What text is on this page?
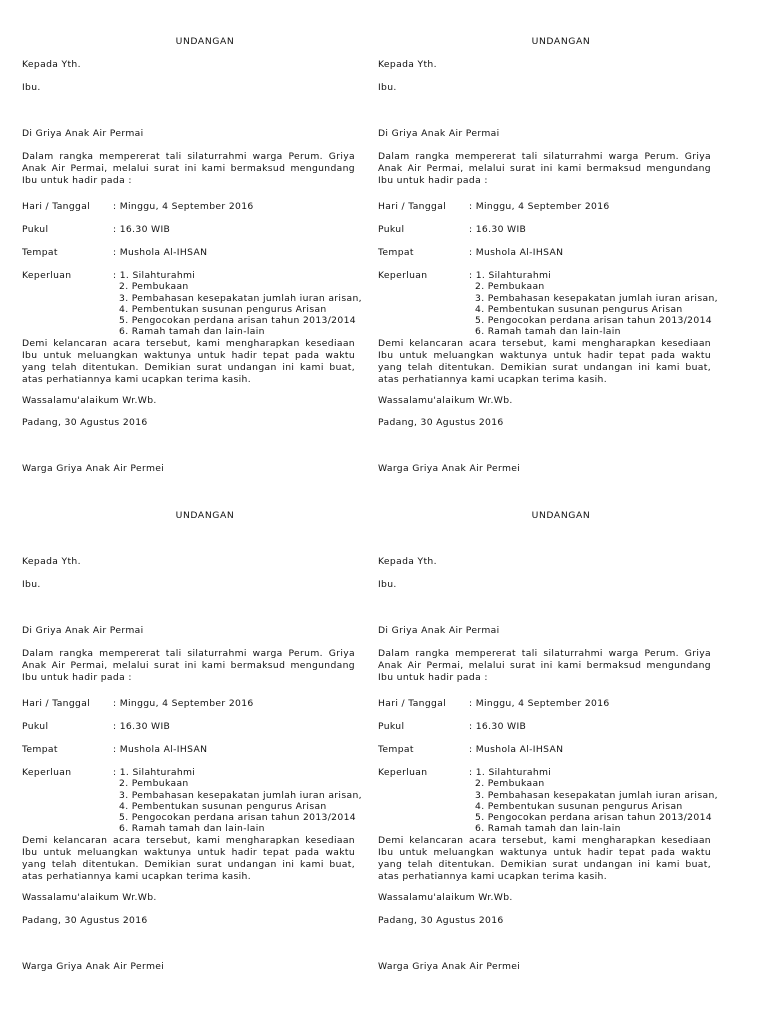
UNDANGAN
Kepada Yth.
Ibu.
Di Griya Anak Air Permai
Dalam rangka mempererat tali silaturrahmi warga Perum. Griya Anak Air Permai, melalui surat ini kami bermaksud mengundang Ibu untuk hadir pada :
Hari / Tanggal : Minggu, 4 September 2016
Pukul	: 16.30 WIB
Tempat	: Mushola Al-IHSAN
Keperluan	: 1. Silahturahmi
2. Pembukaan
3. Pembahasan kesepakatan jumlah iuran arisan,
4. Pembentukan susunan pengurus Arisan
5. Pengocokan perdana arisan tahun 2013/2014
6. Ramah tamah dan lain-lain
Demi kelancaran acara tersebut, kami mengharapkan kesediaan Ibu untuk meluangkan waktunya untuk hadir tepat pada waktu yang telah ditentukan. Demikian surat undangan ini kami buat, atas perhatiannya kami ucapkan terima kasih.
Wassalamu'alaikum Wr.Wb.
Padang, 30 Agustus 2016
Warga Griya Anak Air Permei
UNDANGAN
Kepada Yth.
Ibu.
Di Griya Anak Air Permai
Dalam rangka mempererat tali silaturrahmi warga Perum. Griya Anak Air Permai, melalui surat ini kami bermaksud mengundang Ibu untuk hadir pada :
Hari / Tanggal : Minggu, 4 September 2016
Pukul	: 16.30 WIB
Tempat	: Mushola Al-IHSAN
Keperluan	: 1. Silahturahmi
2. Pembukaan
3. Pembahasan kesepakatan jumlah iuran arisan,
4. Pembentukan susunan pengurus Arisan
5. Pengocokan perdana arisan tahun 2013/2014
6. Ramah tamah dan lain-lain
Demi kelancaran acara tersebut, kami mengharapkan kesediaan Ibu untuk meluangkan waktunya untuk hadir tepat pada waktu yang telah ditentukan. Demikian surat undangan ini kami buat, atas perhatiannya kami ucapkan terima kasih.
Wassalamu'alaikum Wr.Wb.
Padang, 30 Agustus 2016
Warga Griya Anak Air Permei
UNDANGAN
Kepada Yth.
Ibu.
Di Griya Anak Air Permai
Dalam rangka mempererat tali silaturrahmi warga Perum. Griya Anak Air Permai, melalui surat ini kami bermaksud mengundang Ibu untuk hadir pada :
Hari / Tanggal : Minggu, 4 September 2016
Pukul	: 16.30 WIB
Tempat	: Mushola Al-IHSAN
Keperluan	: 1. Silahturahmi
2. Pembukaan
3. Pembahasan kesepakatan jumlah iuran arisan,
4. Pembentukan susunan pengurus Arisan
5. Pengocokan perdana arisan tahun 2013/2014
6. Ramah tamah dan lain-lain
Demi kelancaran acara tersebut, kami mengharapkan kesediaan Ibu untuk meluangkan waktunya untuk hadir tepat pada waktu yang telah ditentukan. Demikian surat undangan ini kami buat, atas perhatiannya kami ucapkan terima kasih.
Wassalamu'alaikum Wr.Wb.
Padang, 30 Agustus 2016
Warga Griya Anak Air Permei
UNDANGAN
Kepada Yth.
Ibu.
Di Griya Anak Air Permai
Dalam rangka mempererat tali silaturrahmi warga Perum. Griya Anak Air Permai, melalui surat ini kami bermaksud mengundang Ibu untuk hadir pada :
Hari / Tanggal : Minggu, 4 September 2016
Pukul	: 16.30 WIB
Tempat	: Mushola Al-IHSAN
Keperluan	: 1. Silahturahmi
2. Pembukaan
3. Pembahasan kesepakatan jumlah iuran arisan,
4. Pembentukan susunan pengurus Arisan
5. Pengocokan perdana arisan tahun 2013/2014
6. Ramah tamah dan lain-lain
Demi kelancaran acara tersebut, kami mengharapkan kesediaan Ibu untuk meluangkan waktunya untuk hadir tepat pada waktu yang telah ditentukan. Demikian surat undangan ini kami buat, atas perhatiannya kami ucapkan terima kasih.
Wassalamu'alaikum Wr.Wb.
Padang, 30 Agustus 2016
Warga Griya Anak Air Permei
